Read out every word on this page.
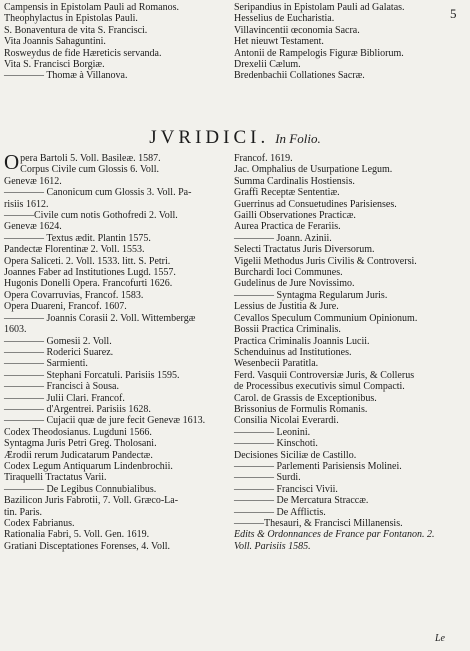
5
Campensis in Epistolam Pauli ad Romanos.
Theophylactus in Epistolas Pauli.
S. Bonaventura de vita S. Francisci.
Vita Joannis Sahaguntini.
Rosweydus de fide Hæreticis servanda.
Vita S. Francisci Borgiæ.
———— Thomæ à Villanova.
Seripandius in Epistolam Pauli ad Galatas.
Hesselius de Eucharistia.
Villavincentii œconomia Sacra.
Het nieuwt Testament.
Antonii de Rampelogis Figuræ Bibliorum.
Drexelii Cælum.
Bredenbachii Collationes Sacræ.
JVRIDICI. In Folio.
Opera Bartoli 5. Voll. Basileæ. 1587.
Corpus Civile cum Glossis 6. Voll.
Genevæ 1612.
———— Canonicum cum Glossis 3. Voll. Pa-
risiis 1612.
———Civile cum notis Gothofredi 2. Voll.
Genevæ 1624.
———— Textus ædit. Plantin 1575.
Pandectæ Florentinæ 2. Voll. 1553.
Opera Saliceti. 2. Voll. 1533. litt. S. Petri.
Joannes Faber ad Institutiones Lugd. 1557.
Hugonis Donelli Opera. Francofurti 1626.
Opera Covarruvias, Francof. 1583.
Opera Duareni, Francof. 1607.
———— Joannis Corasii 2. Voll. Wittembergæ
1603.
———— Gomesii 2. Voll.
———— Roderici Suarez.
———— Sarmienti.
———— Stephani Forcatuli. Parisiis 1595.
———— Francisci à Sousa.
———— Julii Clari. Francof.
———— d'Argentrei. Parisiis 1628.
———— Cujacii quæ de jure fecit Genevæ 1613.
Codex Theodosianus. Lugduni 1566.
Syntagma Juris Petri Greg. Tholosani.
Ærodii rerum Judicatarum Pandectæ.
Codex Legum Antiquarum Lindenbrochii.
Tiraquelli Tractatus Varii.
———— De Legibus Connubialibus.
Bazilicon Juris Fabrotii, 7. Voll. Græco-La-
tin. Paris.
Codex Fabrianus.
Rationalia Fabri, 5. Voll. Gen. 1619.
Gratiani Disceptationes Forenses, 4. Voll.
Francof. 1619.
Jac. Omphalius de Usurpatione Legum.
Summa Cardinalis Hostiensis.
Graffi Receptæ Sententiæ.
Guerrinus ad Consuetudines Parisienses.
Gailli Observationes Practicæ.
Aurea Practica de Ferariis.
———— Joann. Azinii.
Selecti Tractatus Juris Diversorum.
Vigelii Methodus Juris Civilis & Controversi.
Burchardi Ioci Communes.
Gudelinus de Jure Novissimo.
———— Syntagma Regularum Juris.
Lessius de Justitia & Jure.
Cevallos Speculum Communium Opinionum.
Bossii Practica Criminalis.
Practica Criminalis Joannis Lucii.
Schenduinus ad Institutiones.
Wesenbecii Paratitla.
Ferd. Vasquii Controversiæ Juris, & Collerus
de Processibus executivis simul Compacti.
Carol. de Grassis de Exceptionibus.
Brissonius de Formulis Romanis.
Consilia Nicolai Everardi.
———— Leonini.
———— Kinschoti.
Decisiones Siciliæ de Castillo.
———— Parlementi Parisiensis Molinei.
———— Surdi.
———— Francisci Vivii.
———— De Mercatura Straccæ.
———— De Afflictis.
———Thesauri, & Francisci Millanensis.
Edits & Ordonnances de France par Fontanon. 2.
Voll. Parisiis 1585.
Le
